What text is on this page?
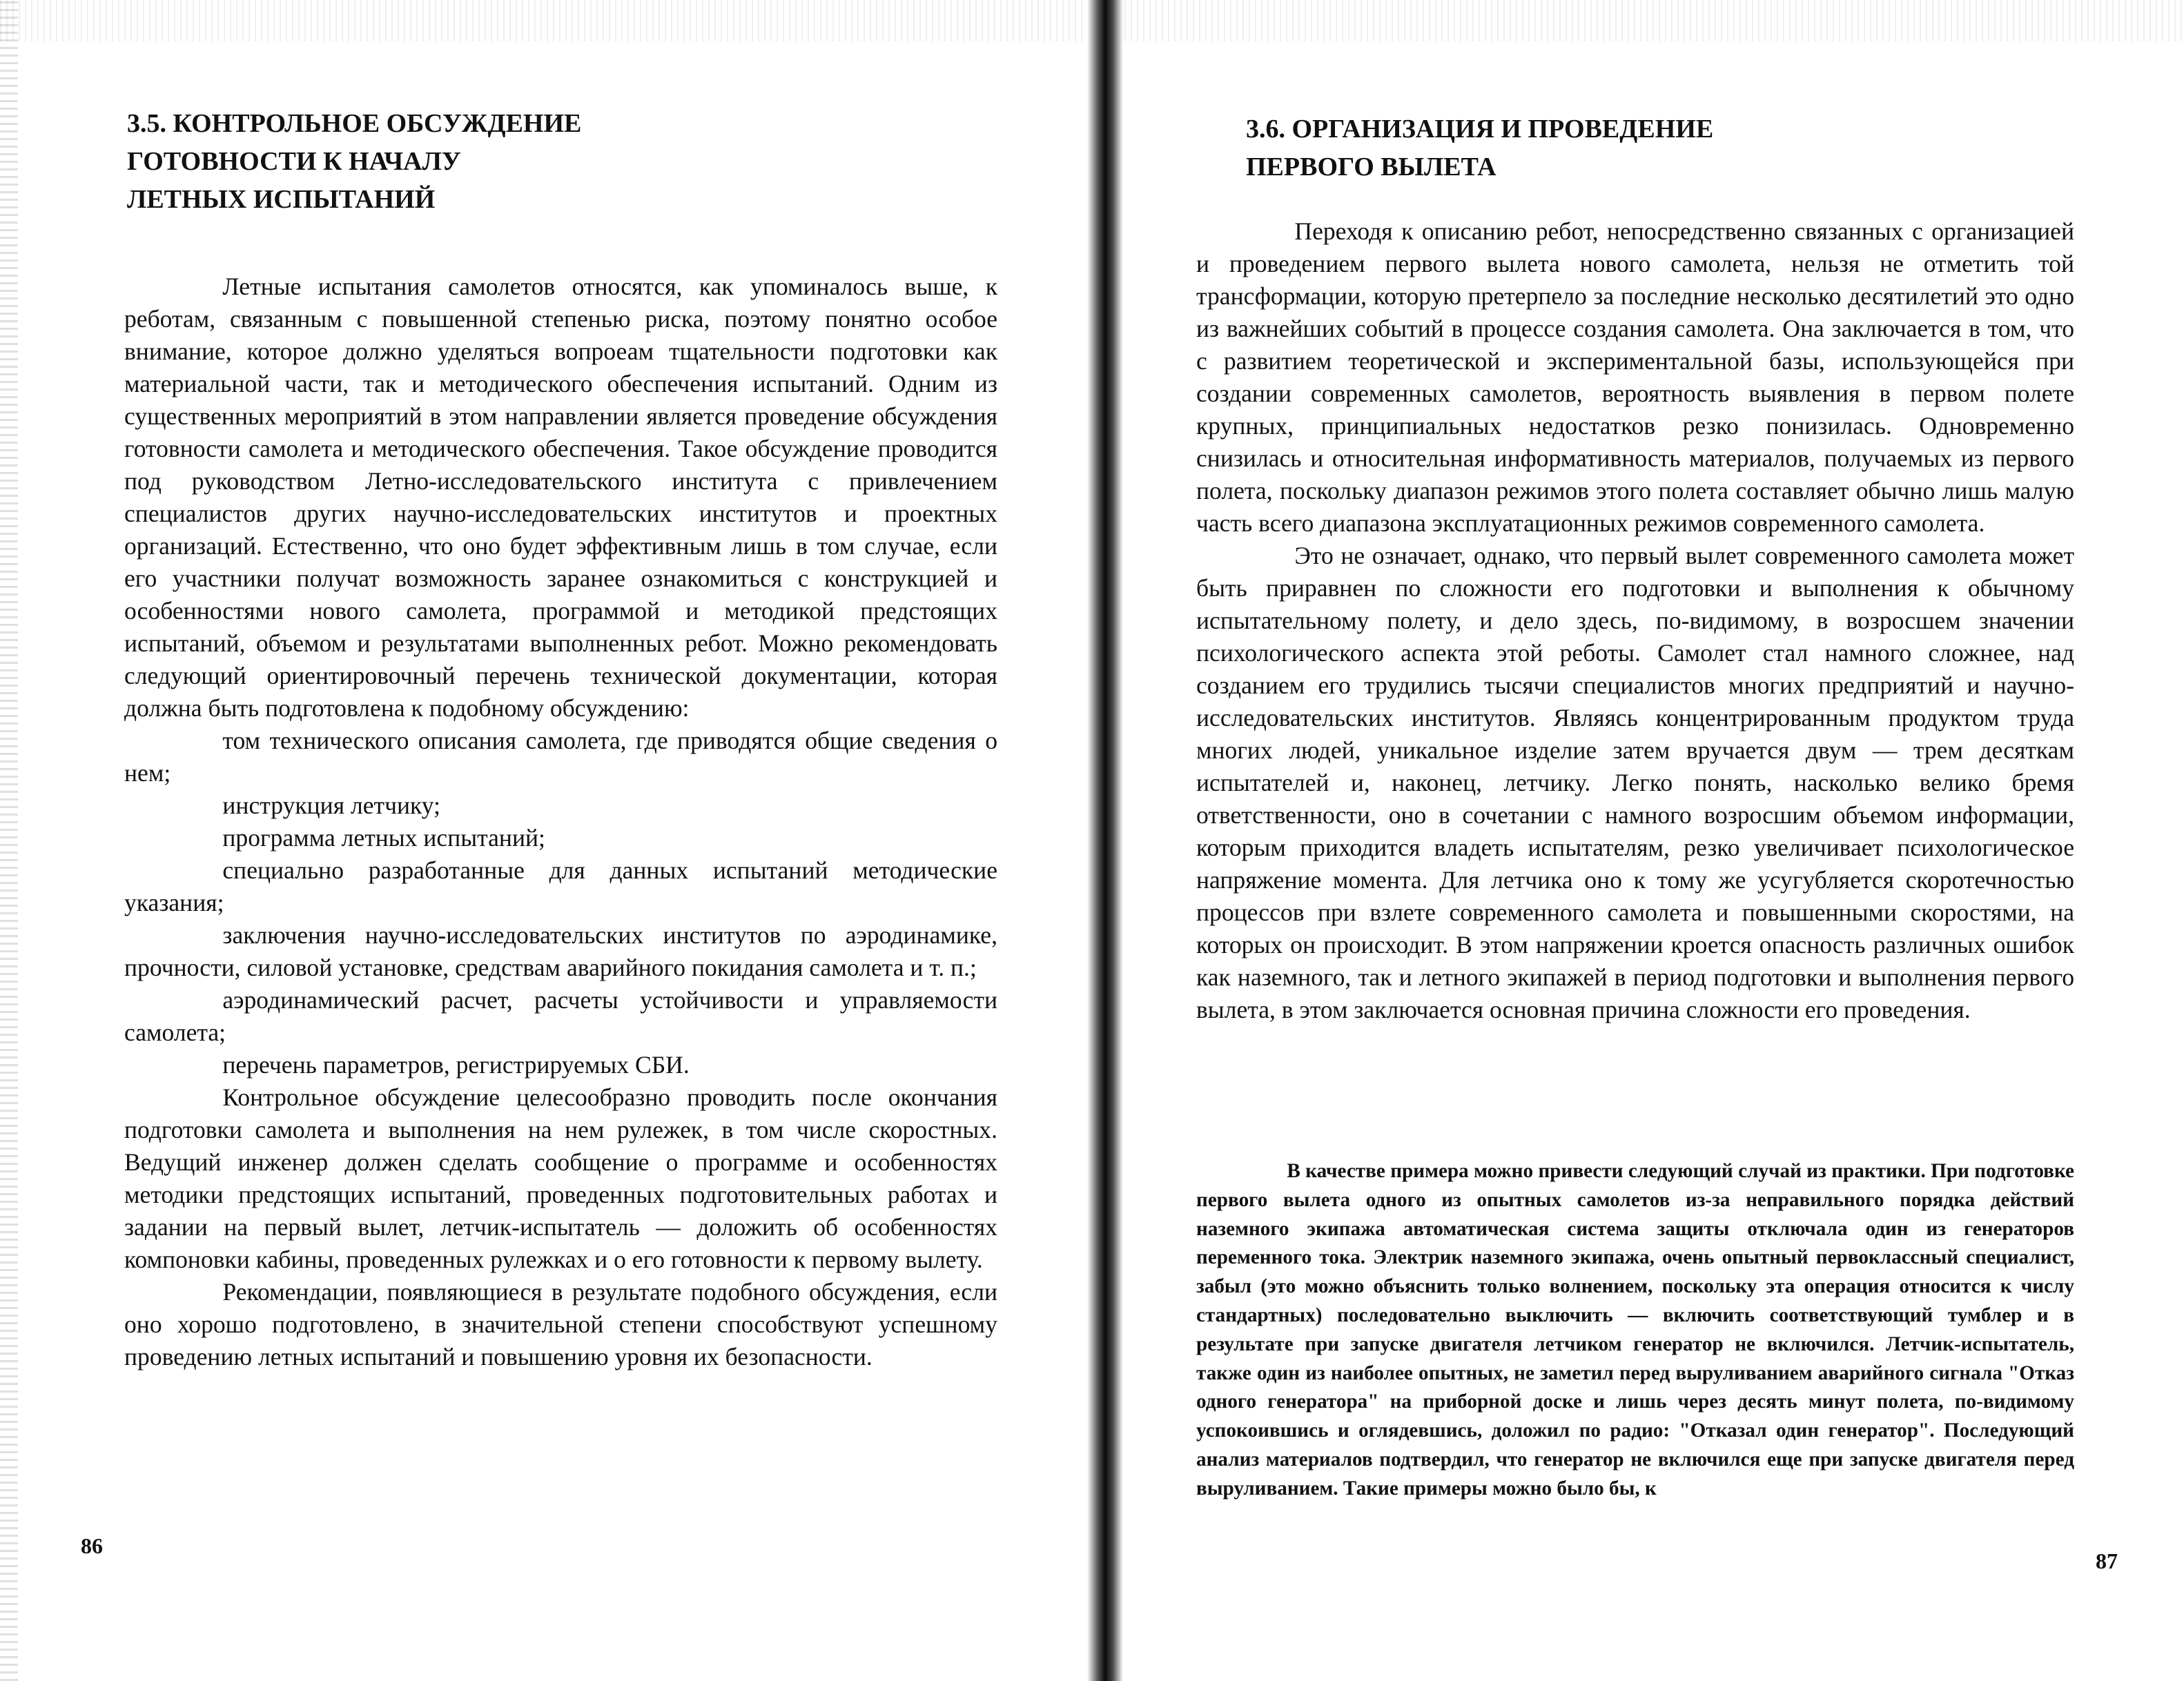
3.5. КОНТРОЛЬНОЕ ОБСУЖДЕНИЕ
ГОТОВНОСТИ К НАЧАЛУ
ЛЕТНЫХ ИСПЫТАНИЙ

Летные испытания самолетов относятся, как упоминалось выше, к реботам, связанным с повышенной степенью риска, поэтому понятно особое внимание, которое должно уделяться вопроеам тщательности подготовки как материальной части, так и методического обеспечения испытаний. Одним из существенных мероприятий в этом направлении является проведение обсуждения готовности самолета и методического обеспечения. Такое обсуждение проводится под руководством Летно-исследовательского института с привлечением специалистов других научно-исследовательских институтов и проектных организаций. Естественно, что оно будет эффективным лишь в том случае, если его участники получат возможность заранее ознакомиться с конструкцией и особенностями нового самолета, программой и методикой предстоящих испытаний, объемом и результатами выполненных ребот. Можно рекомендовать следующий ориентировочный перечень технической документации, которая должна быть подготовлена к подобному обсуждению:

том технического описания самолета, где приводятся общие сведения о нем;

инструкция летчику;

программа летных испытаний;

специально разработанные для данных испытаний методические указания;

заключения научно-исследовательских институтов по аэродинамике, прочности, силовой установке, средствам аварийного покидания самолета и т. п.;

аэродинамический расчет, расчеты устойчивости и управляемости самолета;

перечень параметров, регистрируемых СБИ.

Контрольное обсуждение целесообразно проводить после окончания подготовки самолета и выполнения на нем рулежек, в том числе скоростных. Ведущий инженер должен сделать сообщение о программе и особенностях методики предстоящих испытаний, проведенных подготовительных работах и задании на первый вылет, летчик-испытатель — доложить об особенностях компоновки кабины, проведенных рулежках и о его готовности к первому вылету.

Рекомендации, появляющиеся в результате подобного обсуждения, если оно хорошо подготовлено, в значительной степени способствуют успешному проведению летных испытаний и повышению уровня их безопасности.

86

3.6. ОРГАНИЗАЦИЯ И ПРОВЕДЕНИЕ
ПЕРВОГО ВЫЛЕТА

Переходя к описанию ребот, непосредственно связанных с организацией и проведением первого вылета нового самолета, нельзя не отметить той трансформации, которую претерпело за последние несколько десятилетий это одно из важнейших событий в процессе создания самолета. Она заключается в том, что с развитием теоретической и экспериментальной базы, использующейся при создании современных самолетов, вероятность выявления в первом полете крупных, принципиальных недостатков резко понизилась. Одновременно снизилась и относительная информативность материалов, получаемых из первого полета, поскольку диапазон режимов этого полета составляет обычно лишь малую часть всего диапазона эксплуатационных режимов современного самолета.

Это не означает, однако, что первый вылет современного самолета может быть приравнен по сложности его подготовки и выполнения к обычному испытательному полету, и дело здесь, по-видимому, в возросшем значении психологического аспекта этой реботы. Самолет стал намного сложнее, над созданием его трудились тысячи специалистов многих предприятий и научно-исследовательских институтов. Являясь концентрированным продуктом труда многих людей, уникальное изделие затем вручается двум — трем десяткам испытателей и, наконец, летчику. Легко понять, насколько велико бремя ответственности, оно в сочетании с намного возросшим объемом информации, которым приходится владеть испытателям, резко увеличивает психологическое напряжение момента. Для летчика оно к тому же усугубляется скоротечностью процессов при взлете современного самолета и повышенными скоростями, на которых он происходит. В этом напряжении кроется опасность различных ошибок как наземного, так и летного экипажей в период подготовки и выполнения первого вылета, в этом заключается основная причина сложности его проведения.

В качестве примера можно привести следующий случай из практики. При подготовке первого вылета одного из опытных самолетов из-за неправильного порядка действий наземного экипажа автоматическая система защиты отключала один из генераторов переменного тока. Электрик наземного экипажа, очень опытный первоклассный специалист, забыл (это можно объяснить только волнением, поскольку эта операция относится к числу стандартных) последовательно выключить — включить соответствующий тумблер и в результате при запуске двигателя летчиком генератор не включился. Летчик-испытатель, также один из наиболее опытных, не заметил перед выруливанием аварийного сигнала "Отказ одного генератора" на приборной доске и лишь через десять минут полета, по-видимому успокоившись и оглядевшись, доложил по радио: "Отказал один генератор". Последующий анализ материалов подтвердил, что генератор не включился еще при запуске двигателя перед выруливанием. Такие примеры можно было бы, к

87
